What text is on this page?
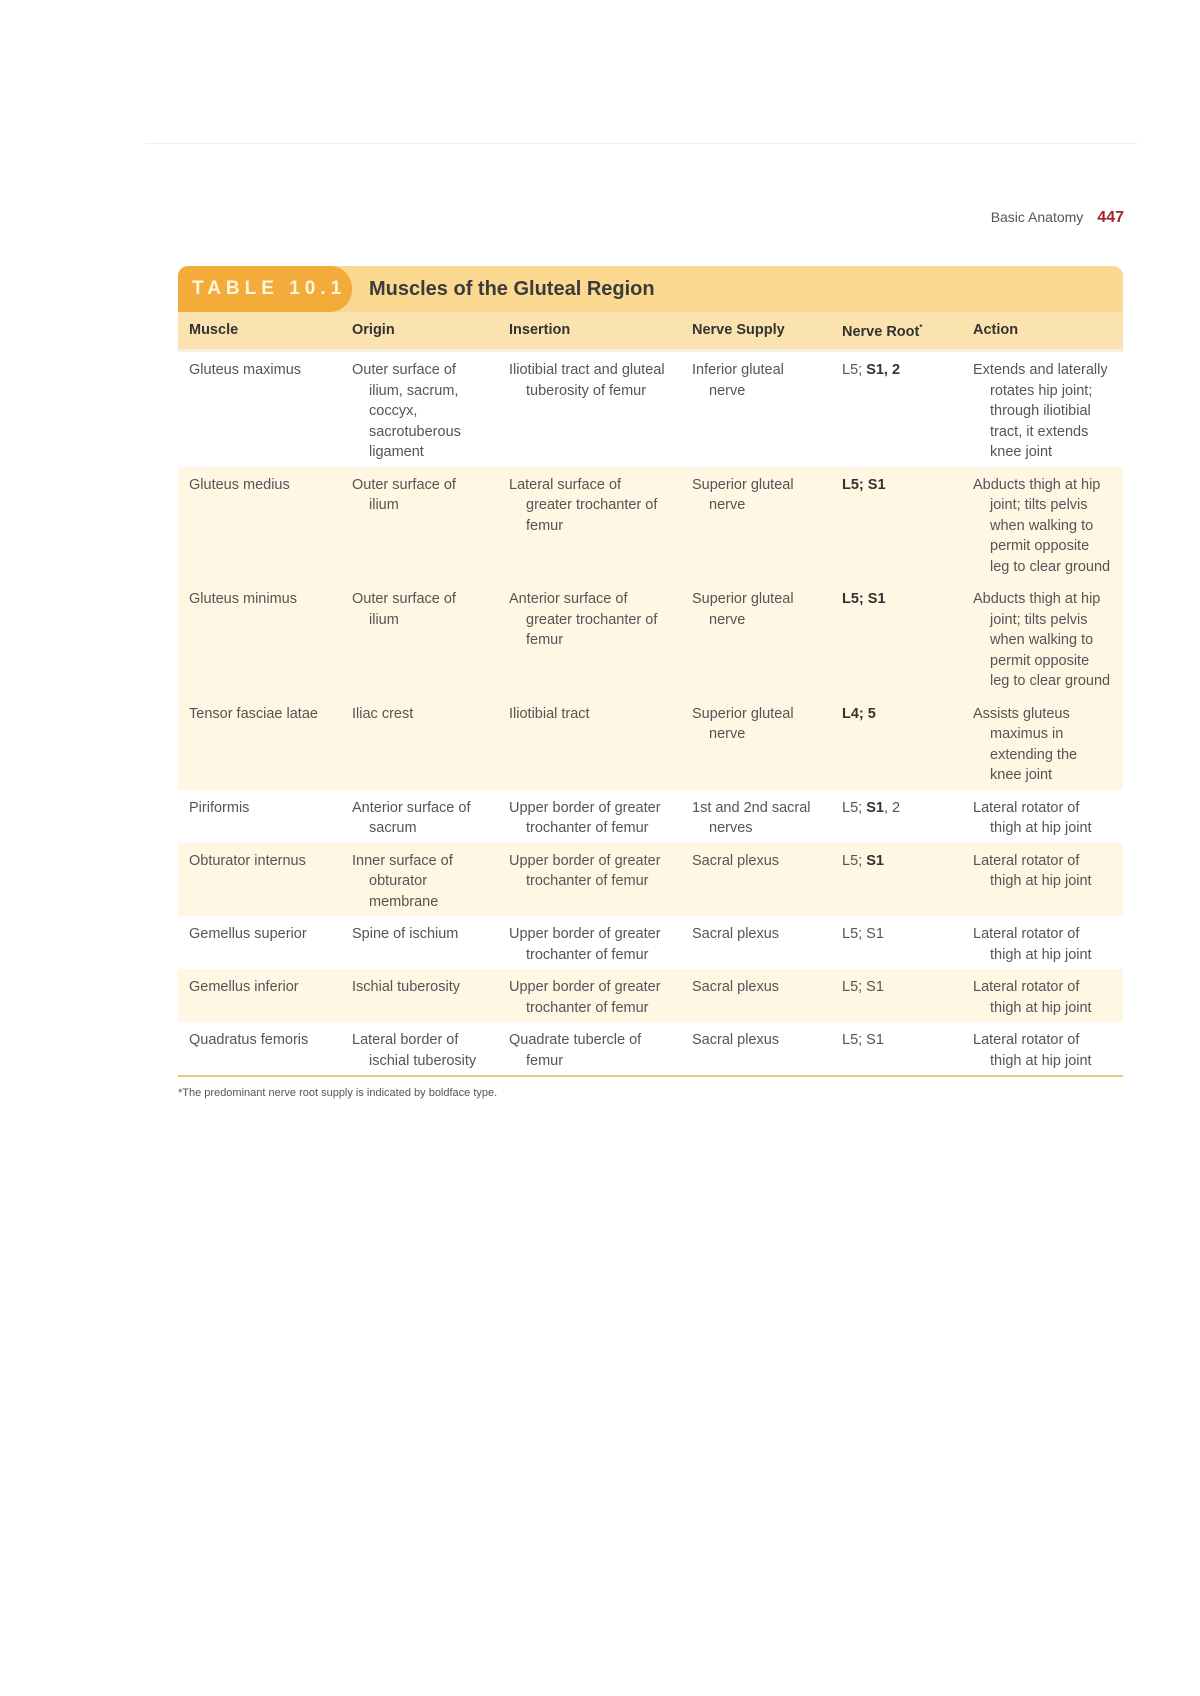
Basic Anatomy 447
TABLE 10.1	Muscles of the Gluteal Region
Muscle	Origin	Insertion	Nerve Supply	Nerve Root*	Action

Gluteus maximus	Outer surface of ilium, sacrum, coccyx, sacrotuberous ligament	Iliotibial tract and gluteal tuberosity of femur	Inferior gluteal nerve	L5; S1, 2	Extends and laterally rotates hip joint; through iliotibial tract, it extends knee joint

Gluteus medius	Outer surface of ilium	Lateral surface of greater trochanter of femur	Superior gluteal nerve	L5; S1	Abducts thigh at hip joint; tilts pelvis when walking to permit opposite leg to clear ground

Gluteus minimus	Outer surface of ilium	Anterior surface of greater trochanter of femur	Superior gluteal nerve	L5; S1	Abducts thigh at hip joint; tilts pelvis when walking to permit opposite leg to clear ground

Tensor fasciae latae	Iliac crest	Iliotibial tract	Superior gluteal nerve	L4; 5	Assists gluteus maximus in extending the knee joint

Piriformis	Anterior surface of sacrum	Upper border of greater trochanter of femur	1st and 2nd sacral nerves	L5; S1, 2	Lateral rotator of thigh at hip joint

Obturator internus	Inner surface of obturator membrane	Upper border of greater trochanter of femur	Sacral plexus	L5; S1	Lateral rotator of thigh at hip joint

Gemellus superior	Spine of ischium	Upper border of greater trochanter of femur	Sacral plexus	L5; S1	Lateral rotator of thigh at hip joint

Gemellus inferior	Ischial tuberosity	Upper border of greater trochanter of femur	Sacral plexus	L5; S1	Lateral rotator of thigh at hip joint

Quadratus femoris	Lateral border of ischial tuberosity	Quadrate tubercle of femur	Sacral plexus	L5; S1	Lateral rotator of thigh at hip joint
*The predominant nerve root supply is indicated by boldface type.
